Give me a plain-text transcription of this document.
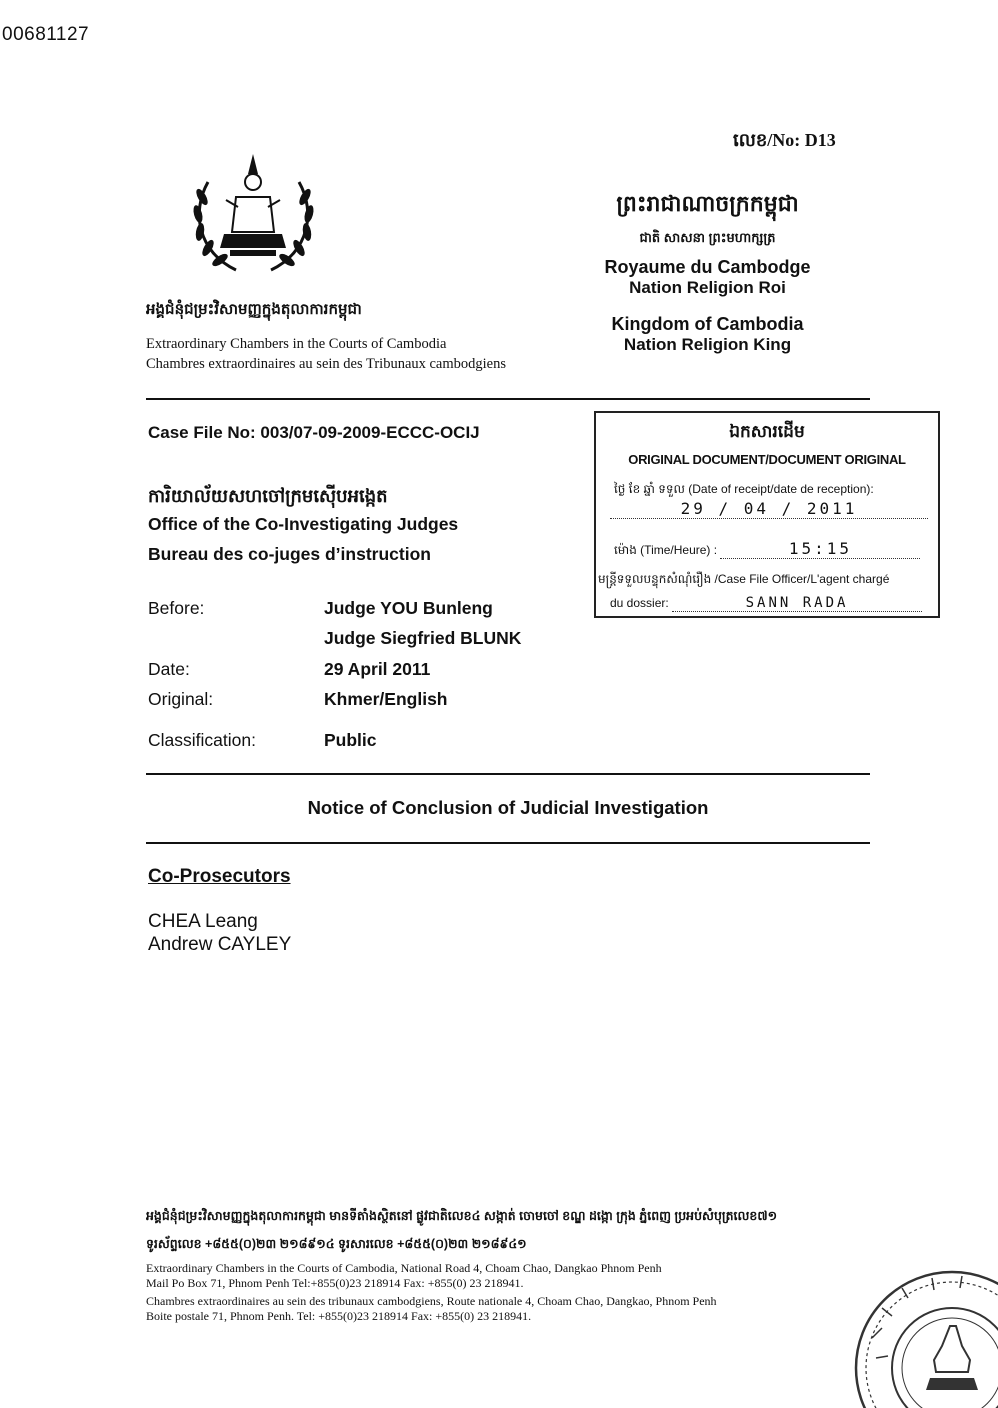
00681127
លេខ/No: D13
អង្គជំនុំជម្រះវិសាមញ្ញក្នុងតុលាការកម្ពុជា
Extraordinary Chambers in the Courts of Cambodia
Chambres extraordinaires au sein des Tribunaux cambodgiens
ព្រះរាជាណាចក្រកម្ពុជា
ជាតិ សាសនា ព្រះមហាក្សត្រ
Royaume du Cambodge
Nation Religion Roi
Kingdom of Cambodia
Nation Religion King
Case File No: 003/07-09-2009-ECCC-OCIJ
ការិយាល័យសហចៅក្រមស៊ើបអង្កេត
Office of the Co-Investigating Judges
Bureau des co-juges d’instruction
Before:	Judge YOU Bunleng
Judge Siegfried BLUNK
Date:	29 April 2011
Original:	Khmer/English
Classification:	Public
ឯកសារដើម
ORIGINAL DOCUMENT/DOCUMENT ORIGINAL
ថ្ងៃ ខែ ឆ្នាំ ទទួល (Date of receipt/date de reception):
29 / 04 / 2011
ម៉ោង (Time/Heure) :	15:15
មន្ត្រីទទួលបន្ទុកសំណុំរឿង /Case File Officer/L'agent chargé
du dossier:	SANN RADA
Notice of Conclusion of Judicial Investigation
Co-Prosecutors
CHEA Leang
Andrew CAYLEY
អង្គជំនុំជម្រះវិសាមញ្ញក្នុងតុលាការកម្ពុជា មានទីតាំងស្ថិតនៅ ផ្លូវជាតិលេខ៤ សង្កាត់ ចោមចៅ ខណ្ឌ ដង្កោ ក្រុង ភ្នំពេញ ប្រអប់សំបុត្រលេខ៧១
ទូរស័ព្ទលេខ +៨៥៥(០)២៣ ២១៨៩១៤ ទូរសារលេខ +៨៥៥(០)២៣ ២១៨៩៤១
Extraordinary Chambers in the Courts of Cambodia, National Road 4, Choam Chao, Dangkao Phnom Penh
Mail Po Box 71, Phnom Penh Tel:+855(0)23 218914 Fax: +855(0) 23 218941.
Chambres extraordinaires au sein des tribunaux cambodgiens, Route nationale 4, Choam Chao, Dangkao, Phnom Penh
Boite postale 71, Phnom Penh. Tel: +855(0)23 218914 Fax: +855(0) 23 218941.
